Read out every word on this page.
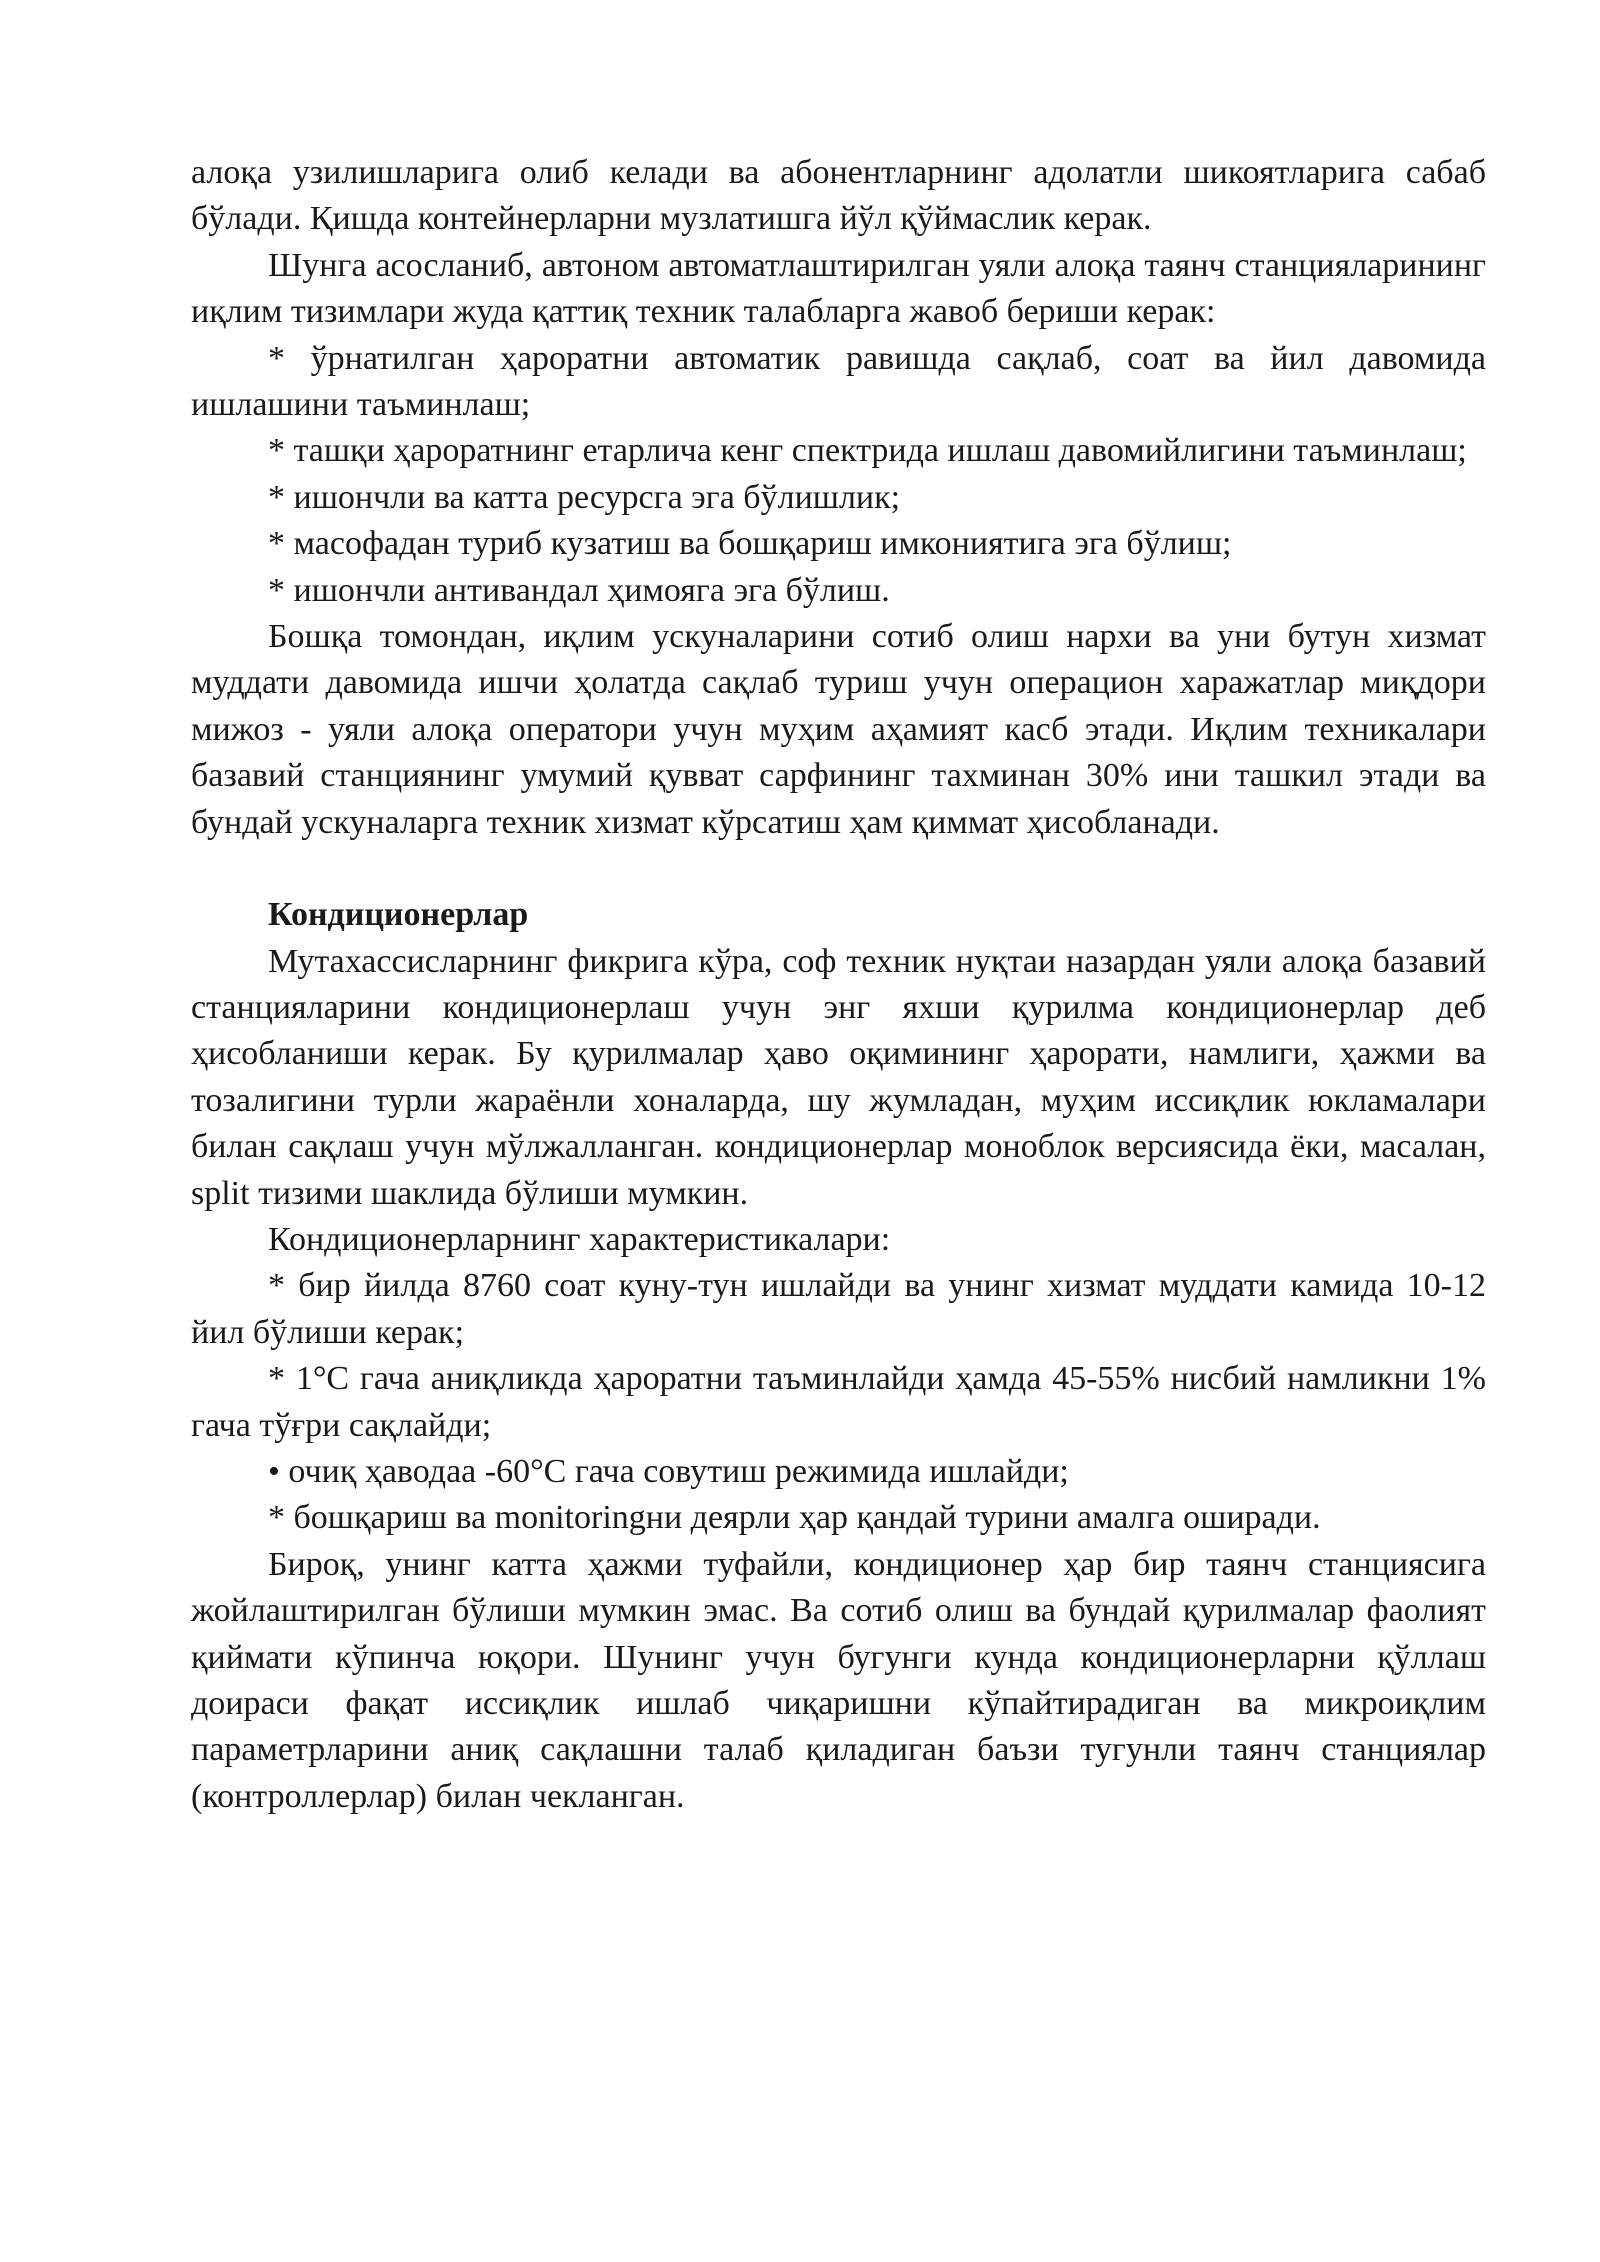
алоқа узилишларига олиб келади ва абонентларнинг адолатли шикоятларига сабаб бўлади. Қишда контейнерларни музлатишга йўл қўймаслик керак.

Шунга асосланиб, автоном автоматлаштирилган уяли алоқа таянч станцияларининг иқлим тизимлари жуда қаттиқ техник талабларга жавоб бериши керак:

* ўрнатилган ҳароратни автоматик равишда сақлаб, соат ва йил давомида ишлашини таъминлаш;

* ташқи ҳароратнинг етарлича кенг спектрида ишлаш давомийлигини таъминлаш;

* ишончли ва катта ресурсга эга бўлишлик;

* масофадан туриб кузатиш ва бошқариш имкониятига эга бўлиш;

* ишончли антивандал ҳимояга эга бўлиш.

Бошқа томондан, иқлим ускуналарини сотиб олиш нархи ва уни бутун хизмат муддати давомида ишчи ҳолатда сақлаб туриш учун операцион харажатлар миқдори мижоз - уяли алоқа оператори учун муҳим аҳамият касб этади. Иқлим техникалари базавий станциянинг умумий қувват сарфининг тахминан 30% ини ташкил этади ва бундай ускуналарга техник хизмат кўрсатиш ҳам қиммат ҳисобланади.

Кондиционерлар

Мутахассисларнинг фикрига кўра, соф техник нуқтаи назардан уяли алоқа базавий станцияларини кондиционерлаш учун энг яхши қурилма кондиционерлар деб ҳисобланиши керак. Бу қурилмалар ҳаво оқимининг ҳарорати, намлиги, ҳажми ва тозалигини турли жараёнли хоналарда, шу жумладан, муҳим иссиқлик юкламалари билан сақлаш учун мўлжалланган. кондиционерлар моноблок версиясида ёки, масалан, split тизими шаклида бўлиши мумкин.

Кондиционерларнинг характеристикалари:

* бир йилда 8760 соат куну-тун ишлайди ва унинг хизмат муддати камида 10-12 йил бўлиши керак;

* 1°C гача аниқликда ҳароратни таъминлайди ҳамда 45-55% нисбий намликни 1% гача тўғри сақлайди;

• очиқ ҳаводаа -60°C гача совутиш режимида ишлайди;

* бошқариш ва monitoringни деярли ҳар қандай турини амалга оширади.

Бироқ, унинг катта ҳажми туфайли, кондиционер ҳар бир таянч станциясига жойлаштирилган бўлиши мумкин эмас. Ва сотиб олиш ва бундай қурилмалар фаолият қиймати кўпинча юқори. Шунинг учун бугунги кунда кондиционерларни қўллаш доираси фақат иссиқлик ишлаб чиқаришни кўпайтирадиган ва микроиқлим параметрларини аниқ сақлашни талаб қиладиган баъзи тугунли таянч станциялар (контроллерлар) билан чекланган.
